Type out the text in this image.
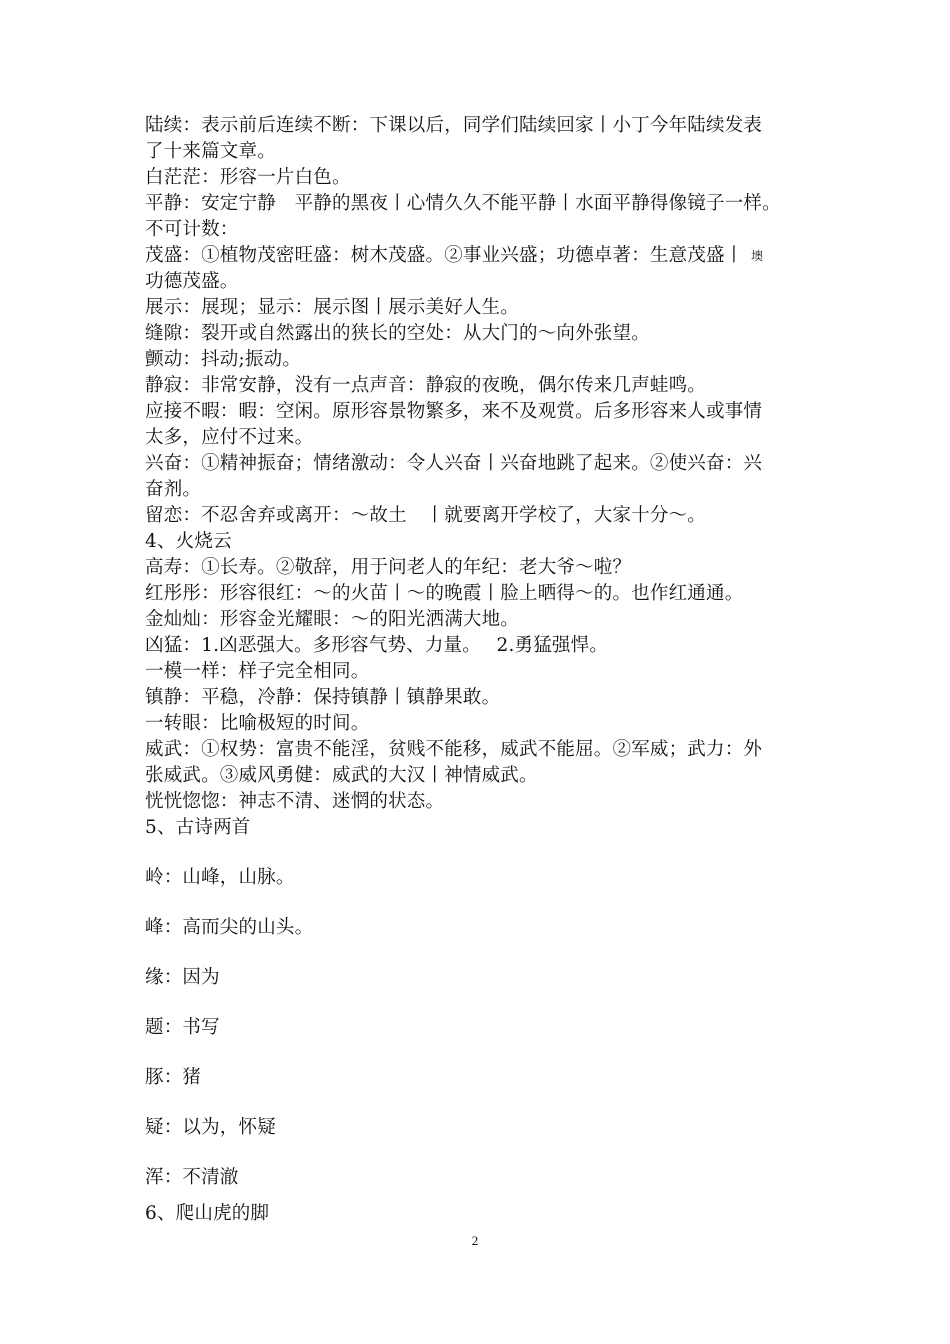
陆续：表示前后连续不断：下课以后，同学们陆续回家丨小丁今年陆续发表
了十来篇文章。
白茫茫：形容一片白色。
平静：安定宁静　平静的黑夜丨心情久久不能平静丨水面平静得像镜子一样。
不可计数：
茂盛：①植物茂密旺盛：树木茂盛。②事业兴盛；功德卓著：生意茂盛丨
功德茂盛。
展示：展现；显示：展示图丨展示美好人生。
缝隙：裂开或自然露出的狭长的空处：从大门的～向外张望。
颤动：抖动;振动。
静寂：非常安静，没有一点声音：静寂的夜晚，偶尔传来几声蛙鸣。
应接不暇：暇：空闲。原形容景物繁多，来不及观赏。后多形容来人或事情
太多，应付不过来。
兴奋：①精神振奋；情绪激动：令人兴奋丨兴奋地跳了起来。②使兴奋：兴
奋剂。
留恋：不忍舍弃或离开：～故土　丨就要离开学校了，大家十分～。
4、火烧云
高寿：①长寿。②敬辞，用于问老人的年纪：老大爷～啦？
红彤彤：形容很红：～的火苗丨～的晚霞丨脸上晒得～的。也作红通通。
金灿灿：形容金光耀眼：～的阳光洒满大地。
凶猛：1.凶恶强大。多形容气势、力量。　 2.勇猛强悍。
一模一样：样子完全相同。
镇静：平稳，冷静：保持镇静丨镇静果敢。
一转眼：比喻极短的时间。
威武：①权势：富贵不能淫，贫贱不能移，威武不能屈。②军威；武力：外
张威武。③威风勇健：威武的大汉丨神情威武。
恍恍惚惚：神志不清、迷惘的状态。
5、古诗两首
岭：山峰，山脉。
峰：高而尖的山头。
缘：因为
题：书写
豚：猪
疑：以为，怀疑
浑：不清澈
6、爬山虎的脚
墺
2
